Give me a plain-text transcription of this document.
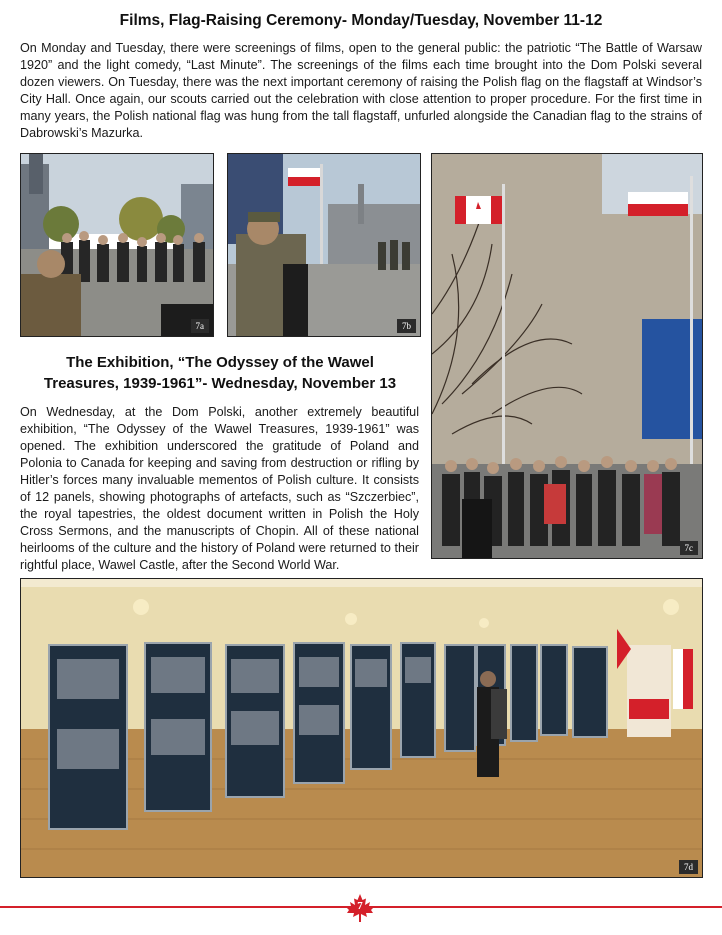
Films, Flag-Raising Ceremony- Monday/Tuesday, November 11-12

On Monday and Tuesday, there were screenings of films, open to the general public: the patriotic “The Battle of Warsaw 1920” and the light comedy, “Last Minute”. The screenings of the films each time brought into the Dom Polski several dozen viewers. On Tuesday, there was the next important ceremony of raising the Polish flag on the flagstaff at Windsor’s City Hall. Once again, our scouts carried out the celebration with close attention to proper procedure. For the first time in many years, the Polish national flag was hung from the tall flagstaff, unfurled alongside the Canadian flag to the strains of Dabrowski’s Mazurka.

7a	7b
7c
The Exhibition, “The Odyssey of the Wawel
Treasures, 1939-1961”- Wednesday, November 13

On Wednesday, at the Dom Polski, another extremely beautiful exhibition, “The Odyssey of the Wawel Treasures, 1939-1961” was opened. The exhibition underscored the gratitude of Poland and Polonia to Canada for keeping and saving from destruction or rifling by Hitler’s forces many invaluable mementos of Polish culture. It consists of 12 panels, showing photographs of artefacts, such as “Szczerbiec”, the royal tapestries, the oldest document written in Polish the Holy Cross Sermons, and the manuscripts of Chopin. All of these national heirlooms of the culture and the history of Poland were returned to their rightful place, Wawel Castle, after the Second World War.

7d
7
